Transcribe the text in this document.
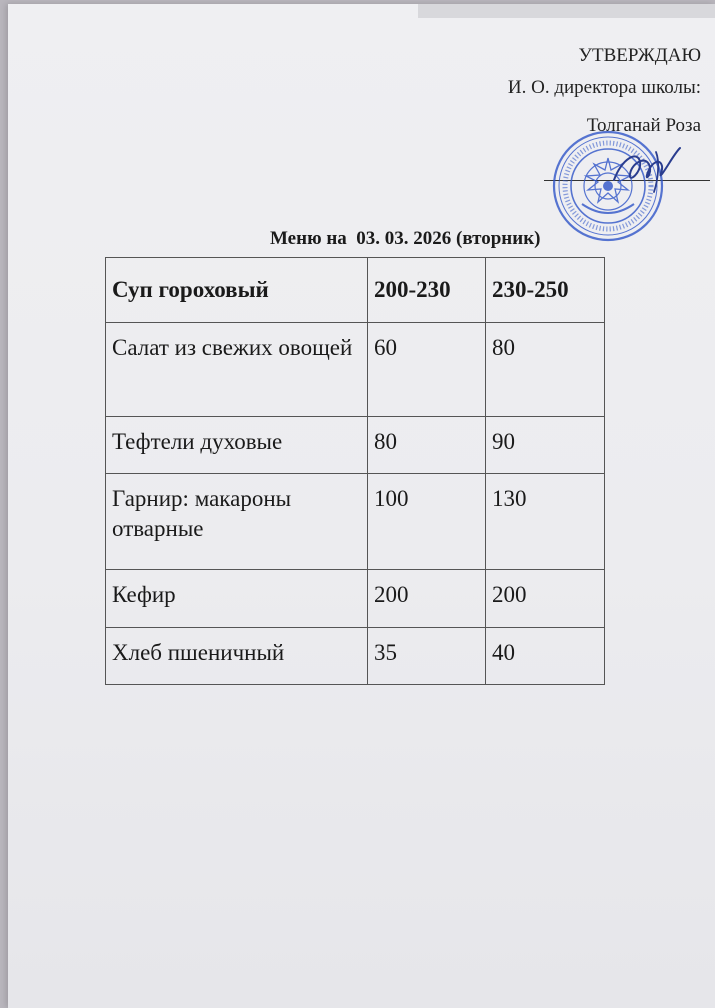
УТВЕРЖДАЮ
И. О. директора школы:
Толганай Роза
Меню на  03. 03. 2026 (вторник)
Суп гороховый	200-230	230-250
Салат из свежих овощей	60	80
Тефтели духовые	80	90
Гарнир: макароны отварные	100	130
Кефир	200	200
Хлеб пшеничный	35	40
